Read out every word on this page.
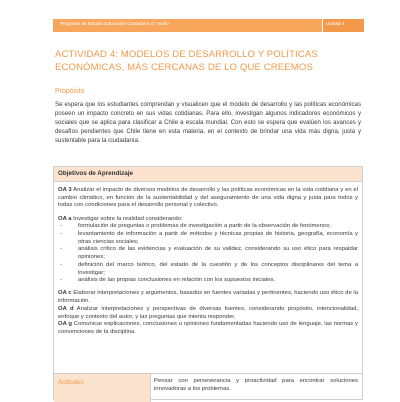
Programa de Estudio Educación Ciudadana 4° medio	Unidad 4
ACTIVIDAD 4: MODELOS DE DESARROLLO Y POLÍTICAS ECONÓMICAS, MÁS CERCANAS DE LO QUE CREEMOS
Propósito
Se espera que los estudiantes comprendan y visualicen que el modelo de desarrollo y las políticas económicas poseen un impacto concreto en sus vidas cotidianas. Para ello, investigan algunos indicadores económicos y sociales que se aplica para clasificar a Chile a escala mundial. Con esto se espera que evalúen los avances y desafíos pendientes que Chile tiene en esta materia, en el contexto de brindar una vida más digna, justa y sustentable para la ciudadanía.
Objetivos de Aprendizaje
OA 3 Analizar el impacto de diversos modelos de desarrollo y las políticas económicas en la vida cotidiana y en el cambio climático, en función de la sustentabilidad y del aseguramiento de una vida digna y justa para todos y todas con condiciones para el desarrollo personal y colectivo.
OA a Investigar sobre la realidad considerando:
-	formulación de preguntas o problemas de investigación a partir de la observación de fenómenos;
-	levantamiento de información a partir de métodos y técnicas propias de historia, geografía, economía y otras ciencias sociales;
-	análisis crítico de las evidencias y evaluación de su validez, considerando su uso ético para respaldar opiniones;
-	definición del marco teórico, del estado de la cuestión y de los conceptos disciplinares del tema a investigar;
-	análisis de las propias conclusiones en relación con los supuestos iniciales.
OA c Elaborar interpretaciones y argumentos, basados en fuentes variadas y pertinentes, haciendo uso ético de la información.
OA d Analizar interpretaciones y perspectivas de diversas fuentes, considerando propósito, intencionalidad, enfoque y contexto del autor, y las preguntas que intenta responder.
OA g Comunicar explicaciones, conclusiones u opiniones fundamentadas haciendo uso de lenguaje, las normas y convenciones de la disciplina.
Actitudes	Pensar con perseverancia y proactividad para encontrar soluciones innovadoras a los problemas.
